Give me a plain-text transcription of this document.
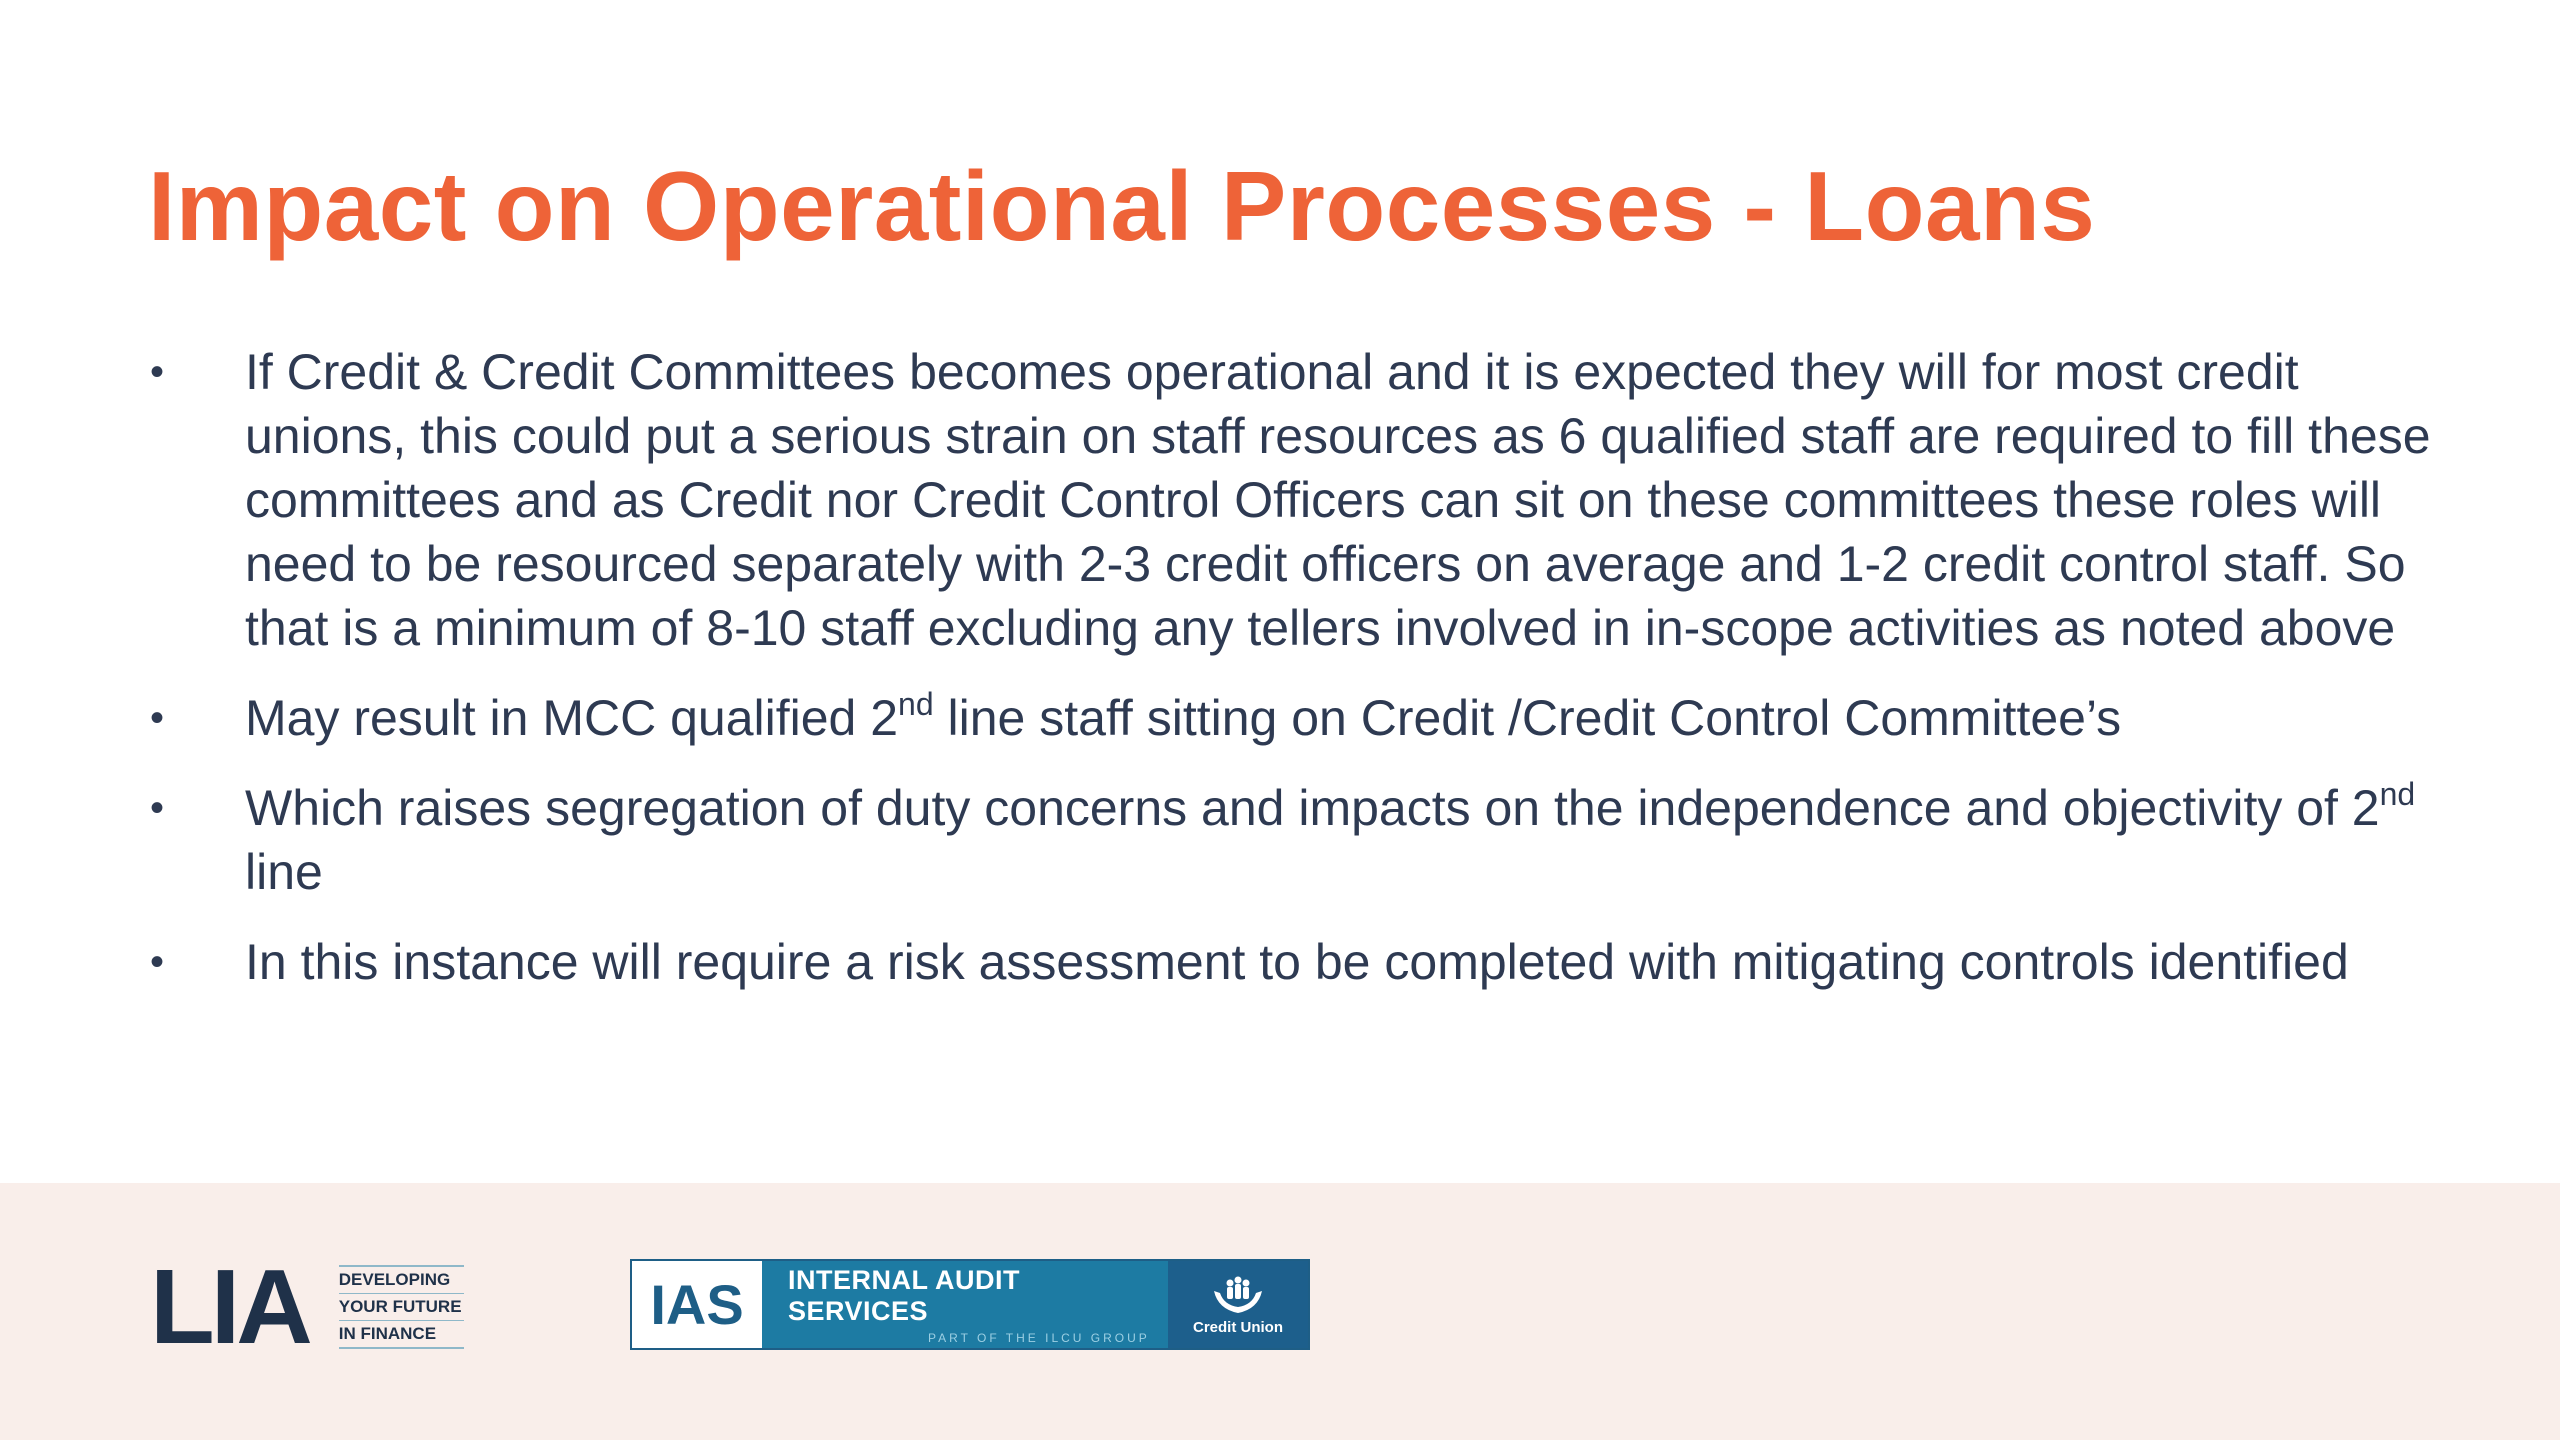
Impact on Operational Processes - Loans
•	If Credit & Credit Committees becomes operational and it is expected they will for most credit unions, this could put a serious strain on staff resources as 6 qualified staff are required to fill these committees and as Credit nor Credit Control Officers can sit on these committees these roles will need to be resourced separately with 2-3 credit officers on average and 1-2 credit control staff. So that is a minimum of 8-10 staff excluding any tellers involved in in-scope activities as noted above
•	May result in MCC qualified 2nd line staff sitting on Credit /Credit Control Committee’s
•	Which raises segregation of duty concerns and impacts on the independence and objectivity of 2nd line
•	In this instance will require a risk assessment to be completed with mitigating controls identified
LIA DEVELOPING
YOUR FUTURE
IN FINANCE	IAS	INTERNAL AUDIT SERVICES
PART OF THE ILCU GROUP
Credit Union
